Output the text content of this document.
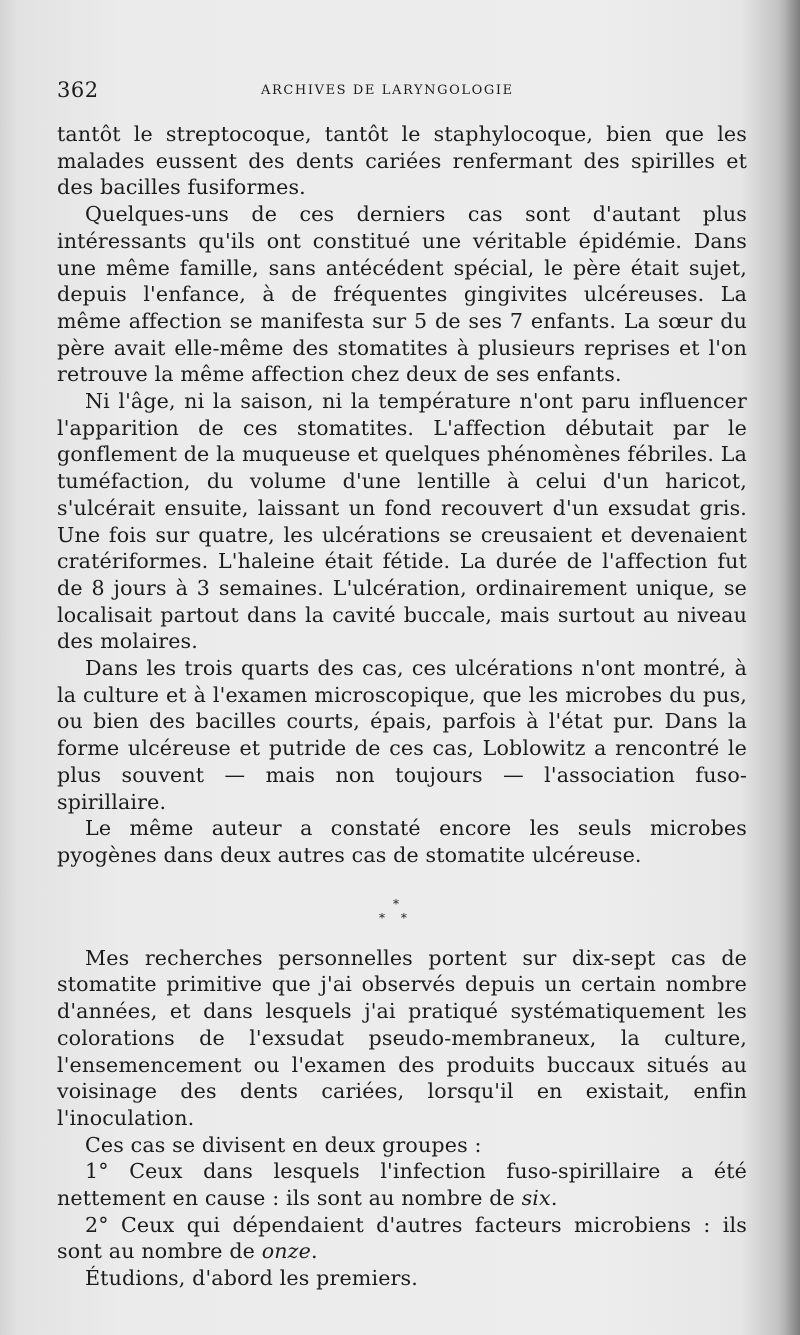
362	ARCHIVES DE LARYNGOLOGIE

tantôt le streptocoque, tantôt le staphylocoque, bien que les malades eussent des dents cariées renfermant des spirilles et des bacilles fusiformes.

Quelques-uns de ces derniers cas sont d'autant plus intéressants qu'ils ont constitué une véritable épidémie. Dans une même famille, sans antécédent spécial, le père était sujet, depuis l'enfance, à de fréquentes gingivites ulcéreuses. La même affection se manifesta sur 5 de ses 7 enfants. La sœur du père avait elle-même des stomatites à plusieurs reprises et l'on retrouve la même affection chez deux de ses enfants.

Ni l'âge, ni la saison, ni la température n'ont paru influencer l'apparition de ces stomatites. L'affection débutait par le gonflement de la muqueuse et quelques phénomènes fébriles. La tuméfaction, du volume d'une lentille à celui d'un haricot, s'ulcérait ensuite, laissant un fond recouvert d'un exsudat gris. Une fois sur quatre, les ulcérations se creusaient et devenaient cratériformes. L'haleine était fétide. La durée de l'affection fut de 8 jours à 3 semaines. L'ulcération, ordinairement unique, se localisait partout dans la cavité buccale, mais surtout au niveau des molaires.

Dans les trois quarts des cas, ces ulcérations n'ont montré, à la culture et à l'examen microscopique, que les microbes du pus, ou bien des bacilles courts, épais, parfois à l'état pur. Dans la forme ulcéreuse et putride de ces cas, Loblowitz a rencontré le plus souvent — mais non toujours — l'association fuso-spirillaire.

Le même auteur a constaté encore les seuls microbes pyogènes dans deux autres cas de stomatite ulcéreuse.

*
* *

Mes recherches personnelles portent sur dix-sept cas de stomatite primitive que j'ai observés depuis un certain nombre d'années, et dans lesquels j'ai pratiqué systématiquement les colorations de l'exsudat pseudo-membraneux, la culture, l'ensemencement ou l'examen des produits buccaux situés au voisinage des dents cariées, lorsqu'il en existait, enfin l'inoculation.

Ces cas se divisent en deux groupes :

1° Ceux dans lesquels l'infection fuso-spirillaire a été nettement en cause : ils sont au nombre de six.

2° Ceux qui dépendaient d'autres facteurs microbiens : ils sont au nombre de onze.

Étudions, d'abord les premiers.
